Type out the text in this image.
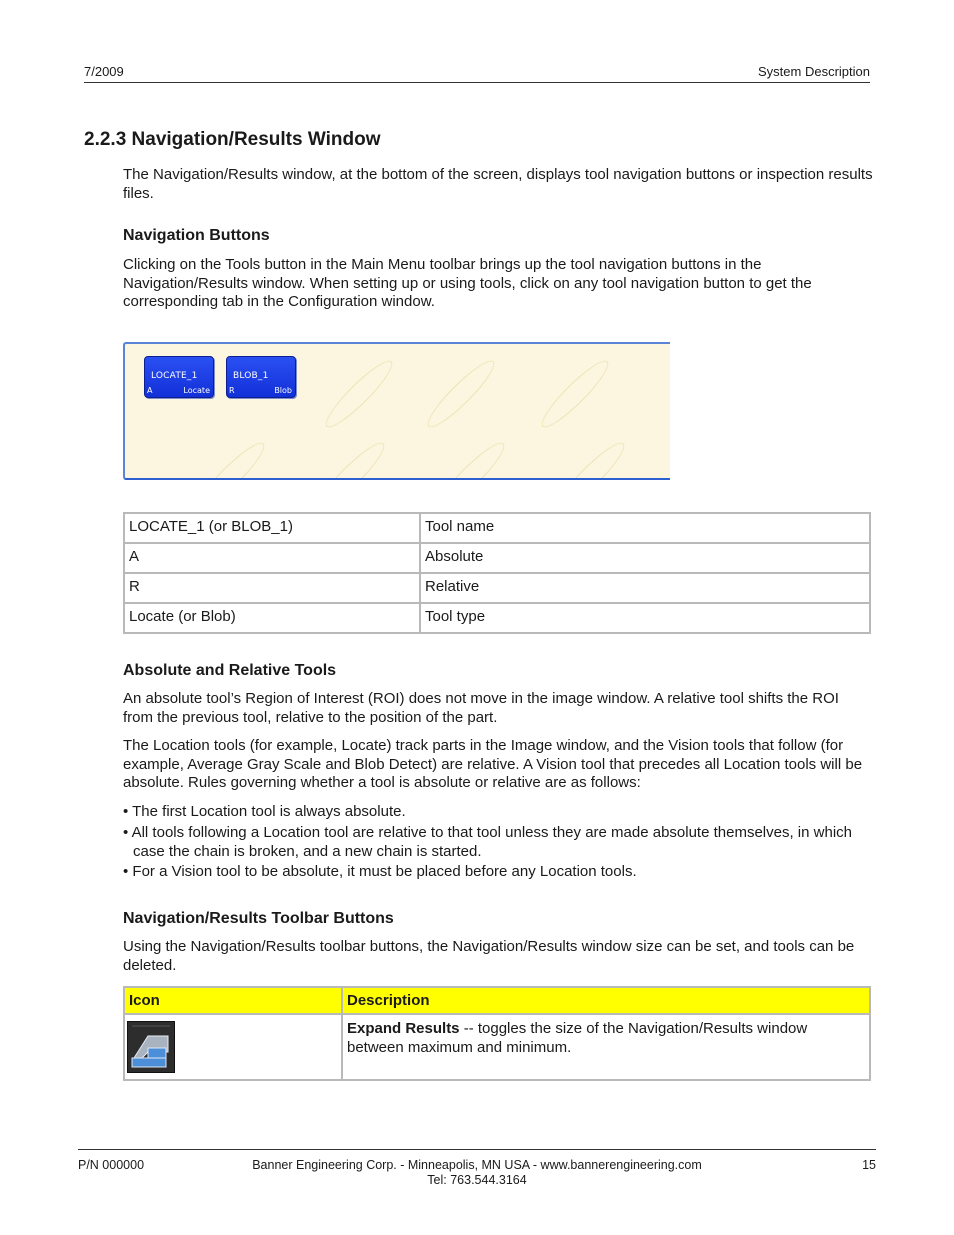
7/2009	System Description
2.2.3 Navigation/Results Window

The Navigation/Results window, at the bottom of the screen, displays tool navigation buttons or inspection results files.

Navigation Buttons

Clicking on the Tools button in the Main Menu toolbar brings up the tool navigation buttons in the Navigation/Results window. When setting up or using tools, click on any tool navigation button to get the corresponding tab in the Configuration window.

LOCATE_1
A	Locate
BLOB_1
R	Blob
LOCATE_1 (or BLOB_1)	Tool name
A	Absolute
R	Relative
Locate (or Blob)	Tool type
Absolute and Relative Tools

An absolute tool’s Region of Interest (ROI) does not move in the image window. A relative tool shifts the ROI from the previous tool, relative to the position of the part.

The Location tools (for example, Locate) track parts in the Image window, and the Vision tools that follow (for example, Average Gray Scale and Blob Detect) are relative. A Vision tool that precedes all Location tools will be absolute. Rules governing whether a tool is absolute or relative are as follows:

• The first Location tool is always absolute.
• All tools following a Location tool are relative to that tool unless they are made absolute themselves, in which case the chain is broken, and a new chain is started.
• For a Vision tool to be absolute, it must be placed before any Location tools.
Navigation/Results Toolbar Buttons

Using the Navigation/Results toolbar buttons, the Navigation/Results window size can be set, and tools can be deleted.

Icon	Description

	Expand Results -- toggles the size of the Navigation/Results window between maximum and minimum.
P/N 000000	Banner Engineering Corp. - Minneapolis, MN USA - www.bannerengineering.com
Tel: 763.544.3164
15
